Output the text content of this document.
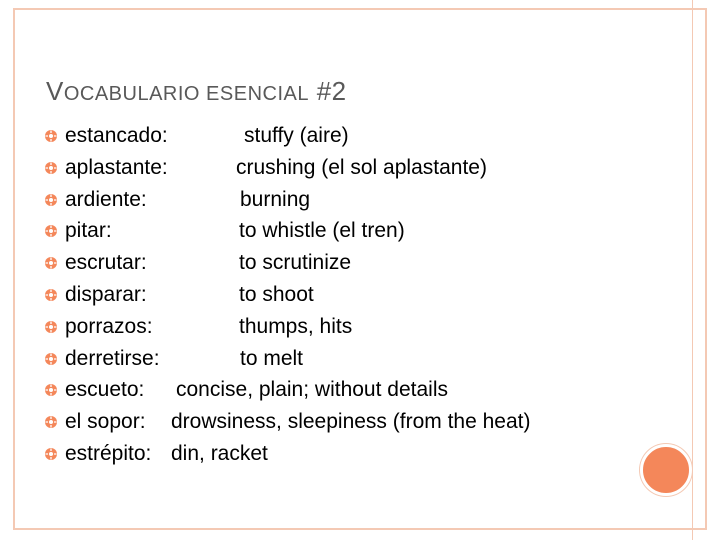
VOCABULARIO ESENCIAL #2
estancado:	stuffy (aire)
aplastante:	crushing (el sol aplastante)
ardiente:	burning
pitar:	to whistle (el tren)
escrutar:	to scrutinize
disparar:	to shoot
porrazos:	thumps, hits
derretirse:	to melt
escueto: concise, plain; without details
el sopor: drowsiness, sleepiness (from the heat)
estrépito: din, racket
